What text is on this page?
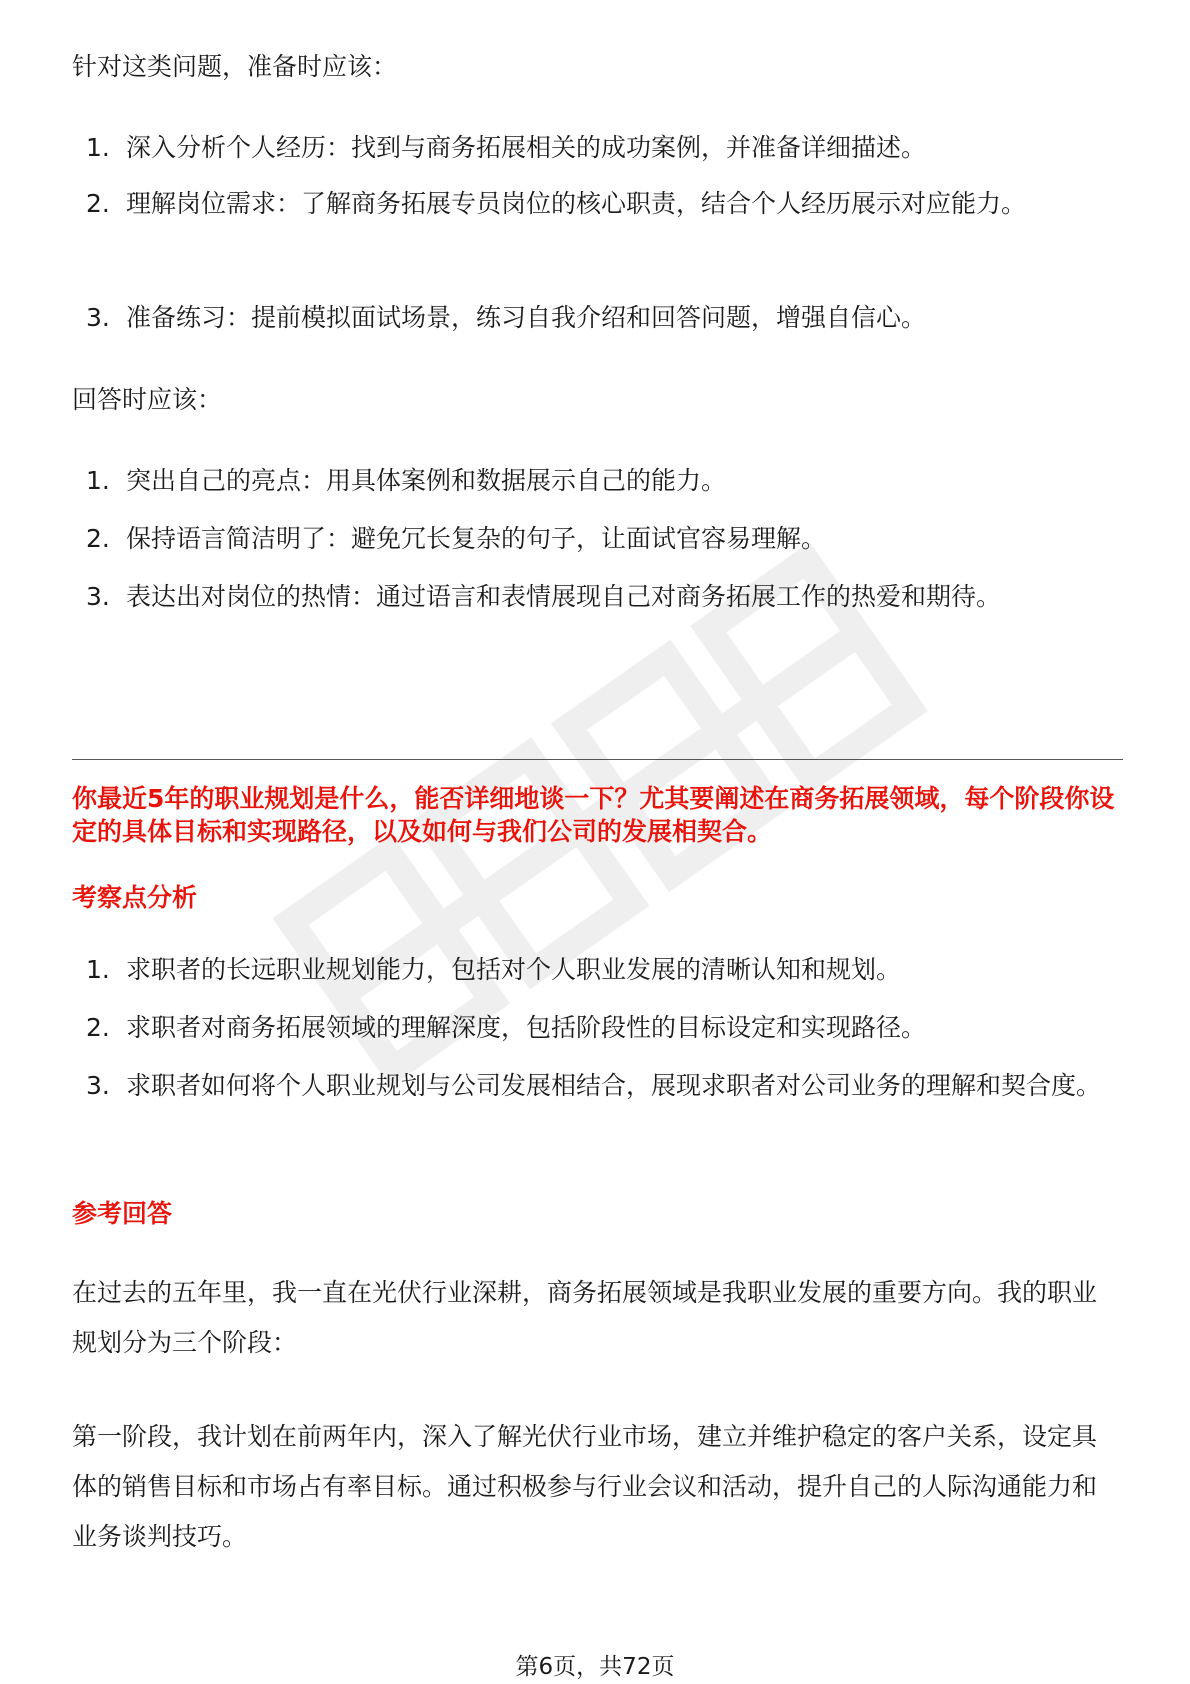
针对这类问题，准备时应该：
1. 深入分析个人经历：找到与商务拓展相关的成功案例，并准备详细描述。
2. 理解岗位需求：了解商务拓展专员岗位的核心职责，结合个人经历展示对应能力。
3. 准备练习：提前模拟面试场景，练习自我介绍和回答问题，增强自信心。
回答时应该：
1. 突出自己的亮点：用具体案例和数据展示自己的能力。
2. 保持语言简洁明了：避免冗长复杂的句子，让面试官容易理解。
3. 表达出对岗位的热情：通过语言和表情展现自己对商务拓展工作的热爱和期待。
你最近5年的职业规划是什么，能否详细地谈一下？尤其要阐述在商务拓展领域，每个阶段你设定的具体目标和实现路径，以及如何与我们公司的发展相契合。
考察点分析
1. 求职者的长远职业规划能力，包括对个人职业发展的清晰认知和规划。
2. 求职者对商务拓展领域的理解深度，包括阶段性的目标设定和实现路径。
3. 求职者如何将个人职业规划与公司发展相结合，展现求职者对公司业务的理解和契合度。
参考回答
在过去的五年里，我一直在光伏行业深耕，商务拓展领域是我职业发展的重要方向。我的职业规划分为三个阶段：
第一阶段，我计划在前两年内，深入了解光伏行业市场，建立并维护稳定的客户关系，设定具体的销售目标和市场占有率目标。通过积极参与行业会议和活动，提升自己的人际沟通能力和业务谈判技巧。
第6页，共72页
